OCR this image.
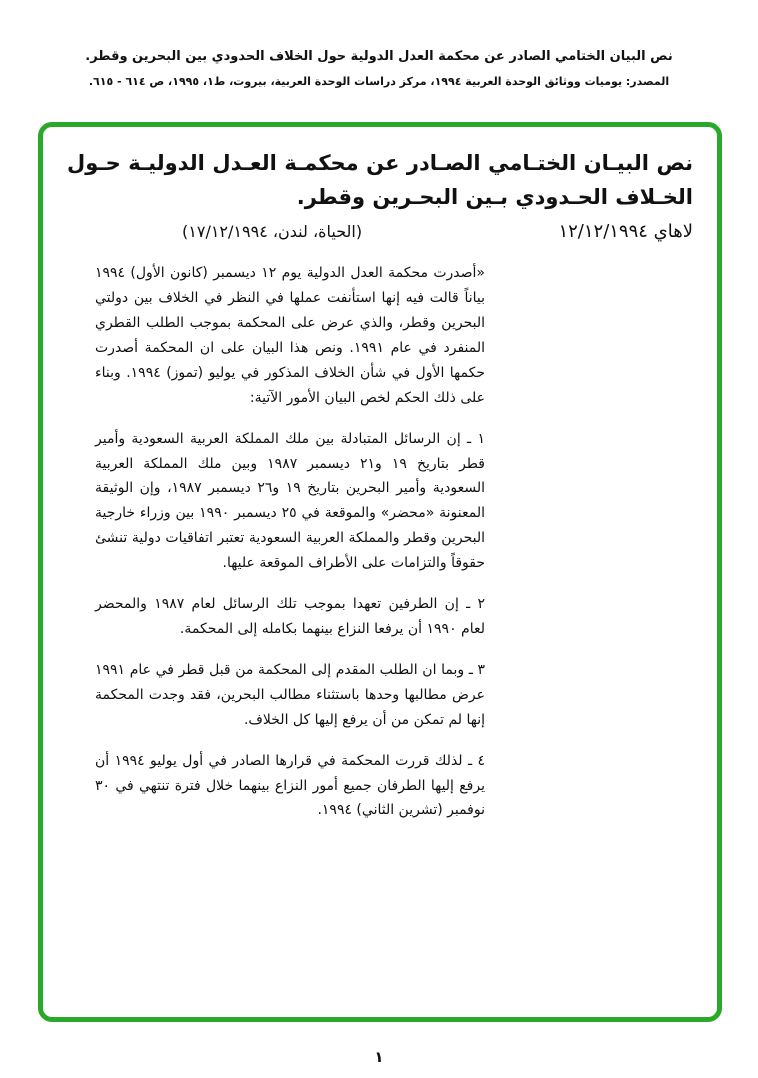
نص البيان الختامي الصادر عن محكمة العدل الدولية حول الخلاف الحدودي بين البحرين وقطر.
المصدر: يوميات ووثائق الوحدة العربية ١٩٩٤، مركز دراسات الوحدة العربية، بيروت، ط١، ١٩٩٥، ص ٦١٤ - ٦١٥.
نص البيـان الختـامي الصـادر عن محكمـة العـدل الدوليـة حـول الخـلاف الحـدودي بـين البحـرين وقطر.
لاهاي ١٢/١٢/١٩٩٤
(الحياة، لندن، ١٧/١٢/١٩٩٤)

«أصدرت محكمة العدل الدولية يوم ١٢ ديسمبر (كانون الأول) ١٩٩٤ بياناً قالت فيه إنها استأنفت عملها في النظر في الخلاف بين دولتي البحرين وقطر، والذي عرض على المحكمة بموجب الطلب القطري المنفرد في عام ١٩٩١. ونص هذا البيان على ان المحكمة أصدرت حكمها الأول في شأن الخلاف المذكور في يوليو (تموز) ١٩٩٤. وبناء على ذلك الحكم لخص البيان الأمور الآتية:

١ ـ إن الرسائل المتبادلة بين ملك المملكة العربية السعودية وأمير قطر بتاريخ ١٩ و٢١ ديسمبر ١٩٨٧ وبين ملك المملكة العربية السعودية وأمير البحرين بتاريخ ١٩ و٢٦ ديسمبر ١٩٨٧، وإن الوثيقة المعنونة «محضر» والموقعة في ٢٥ ديسمبر ١٩٩٠ بين وزراء خارجية البحرين وقطر والمملكة العربية السعودية تعتبر اتفاقيات دولية تنشئ حقوقاً والتزامات على الأطراف الموقعة عليها.

٢ ـ إن الطرفين تعهدا بموجب تلك الرسائل لعام ١٩٨٧ والمحضر لعام ١٩٩٠ أن يرفعا النزاع بينهما بكامله إلى المحكمة.

٣ ـ وبما ان الطلب المقدم إلى المحكمة من قبل قطر في عام ١٩٩١ عرض مطالبها وحدها باستثناء مطالب البحرين، فقد وجدت المحكمة إنها لم تمكن من أن يرفع إليها كل الخلاف.

٤ ـ لذلك قررت المحكمة في قرارها الصادر في أول يوليو ١٩٩٤ أن يرفع إليها الطرفان جميع أمور النزاع بينهما خلال فترة تنتهي في ٣٠ نوفمبر (تشرين الثاني) ١٩٩٤.

١
